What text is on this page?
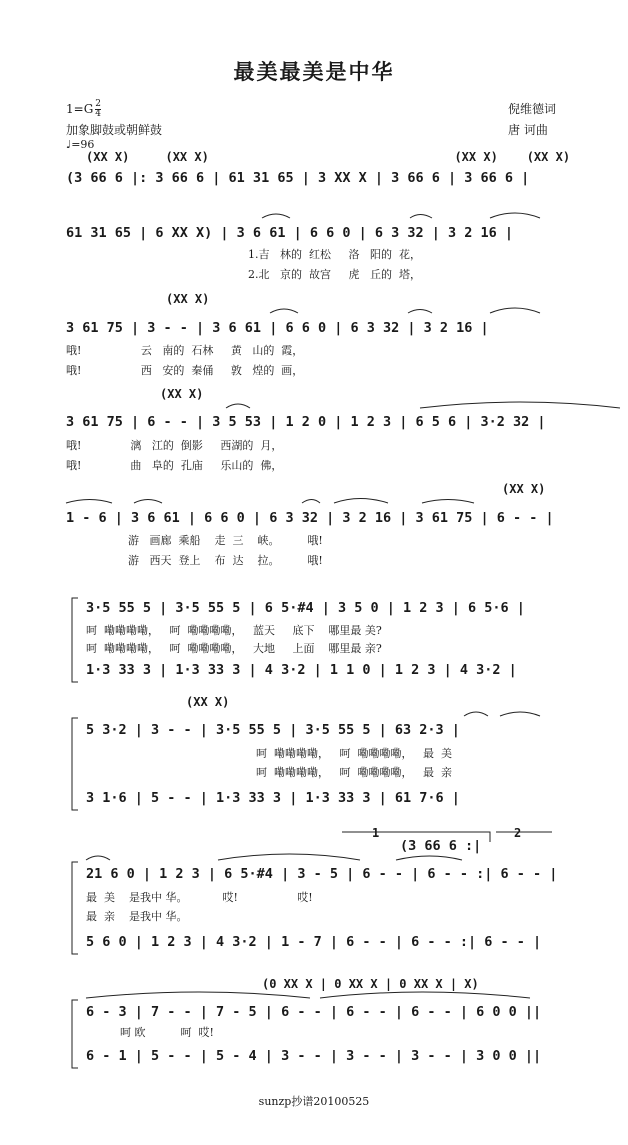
最美最美是中华
$1=G \frac{2}{4}$
加象脚鼓或朝鲜鼓
♩=96
倪维德词
唐 诃曲
(XX X)     (XX X)                                  (XX X)    (XX X)
(3 66 6 |: 3 66 6 | 61 31 65 | 3 XX X | 3 66 6 | 3 66 6 |
61 31 65 | 6 XX X) | 3 6 61 | 6 6 0 | 6 3 32 | 3 2 16 |
1.吉   林的  红松     洛   阳的  花，
2.北   京的  故宫     虎   丘的  塔，
(XX X)
3 61 75 | 3 - - | 3 6 61 | 6 6 0 | 6 3 32 | 3 2 16 |
哦!                 云   南的  石林     黄   山的  霞，
哦!                 西   安的  秦俑     敦   煌的  画，
(XX X)
3 61 75 | 6 - - | 3 5 53 | 1 2 0 | 1 2 3 | 6 5 6 | 3·2 32 |
哦!              漓   江的  倒影     西湖的  月，
哦!              曲   阜的  孔庙     乐山的  佛，
(XX X)
1 - 6 | 3 6 61 | 6 6 0 | 6 3 32 | 3 2 16 | 3 61 75 | 6 - - |
游   画廊  乘船    走  三    峡。        哦!
游   西天  登上    布  达    拉。        哦!
3·5 55 5 | 3·5 55 5 | 6 5·#4 | 3 5 0 | 1 2 3 | 6 5·6 |
呵  嘞嘞嘞嘞，   呵  嘞嘞嘞嘞，   蓝天     底下    哪里最 美?
呵  嘞嘞嘞嘞，   呵  嘞嘞嘞嘞，   大地     上面    哪里最 亲?
1·3 33 3 | 1·3 33 3 | 4 3·2 | 1 1 0 | 1 2 3 | 4 3·2 |
(XX X)
5 3·2 | 3 - - | 3·5 55 5 | 3·5 55 5 | 63 2·3 |
呵  嘞嘞嘞嘞，   呵  嘞嘞嘞嘞，   最  美
呵  嘞嘞嘞嘞，   呵  嘞嘞嘞嘞，   最  亲
3 1·6 | 5 - - | 1·3 33 3 | 1·3 33 3 | 61 7·6 |
1	2
(3 66 6 :|
21 6 0 | 1 2 3 | 6 5·#4 | 3 - 5 | 6 - - | 6 - - :| 6 - - |
最  美    是我中 华。          哎!                 哎!
最  亲    是我中 华。
5 6 0 | 1 2 3 | 4 3·2 | 1 - 7 | 6 - - | 6 - - :| 6 - - |
(0 XX X | 0 XX X | 0 XX X | X)
6 - 3 | 7 - - | 7 - 5 | 6 - - | 6 - - | 6 - - | 6 0 0 ||
呵 欧          呵  哎!
6 - 1 | 5 - - | 5 - 4 | 3 - - | 3 - - | 3 - - | 3 0 0 ||
sunzp抄谱20100525
